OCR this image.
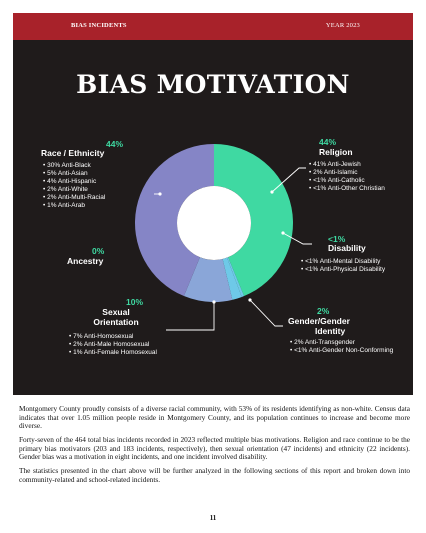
BIAS INCIDENTS	YEAR 2023
BIAS MOTIVATION
44%
Race / Ethnicity
• 30% Anti-Black
• 5% Anti-Asian
• 4% Anti-Hispanic
• 2% Anti-White
• 2% Anti-Multi-Racial
• 1% Anti-Arab
44%
Religion
• 41% Anti-Jewish
• 2% Anti-Islamic
• <1% Anti-Catholic
• <1% Anti-Other Christian
0%
Ancestry
<1%
Disability
• <1% Anti-Mental Disability
• <1% Anti-Physical Disability
10%
Sexual
Orientation
• 7% Anti-Homosexual
• 2% Anti-Male Homosexual
• 1% Anti-Female Homosexual
2%
Gender/Gender
Identity
• 2% Anti-Transgender
• <1% Anti-Gender Non-Conforming

Montgomery County proudly consists of a diverse racial community, with 53% of its residents identifying as non-white. Census data indicates that over 1.05 million people reside in Montgomery County, and its population continues to increase and become more diverse.

Forty-seven of the 464 total bias incidents recorded in 2023 reflected multiple bias motivations. Religion and race continue to be the primary bias motivators (203 and 183 incidents, respectively), then sexual orientation (47 incidents) and ethnicity (22 incidents). Gender bias was a motivation in eight incidents, and one incident involved disability.

The statistics presented in the chart above will be further analyzed in the following sections of this report and broken down into community-related and school-related incidents.

11
